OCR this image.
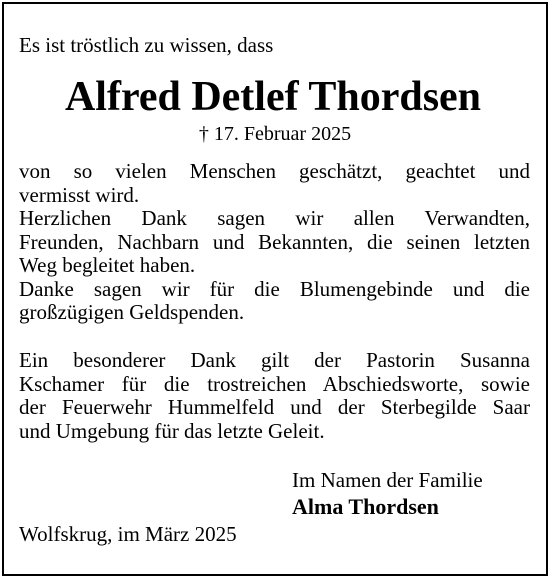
Es ist tröstlich zu wissen, dass
Alfred Detlef Thordsen
† 17. Februar 2025
von so vielen Menschen geschätzt, geachtet und
vermisst wird.
Herzlichen Dank sagen wir allen Verwandten,
Freunden, Nachbarn und Bekannten, die seinen letzten
Weg begleitet haben.
Danke sagen wir für die Blumengebinde und die
großzügigen Geldspenden.
Ein besonderer Dank gilt der Pastorin Susanna
Kschamer für die trostreichen Abschiedsworte, sowie
der Feuerwehr Hummelfeld und der Sterbegilde Saar
und Umgebung für das letzte Geleit.
Im Namen der Familie
Alma Thordsen
Wolfskrug, im März 2025
